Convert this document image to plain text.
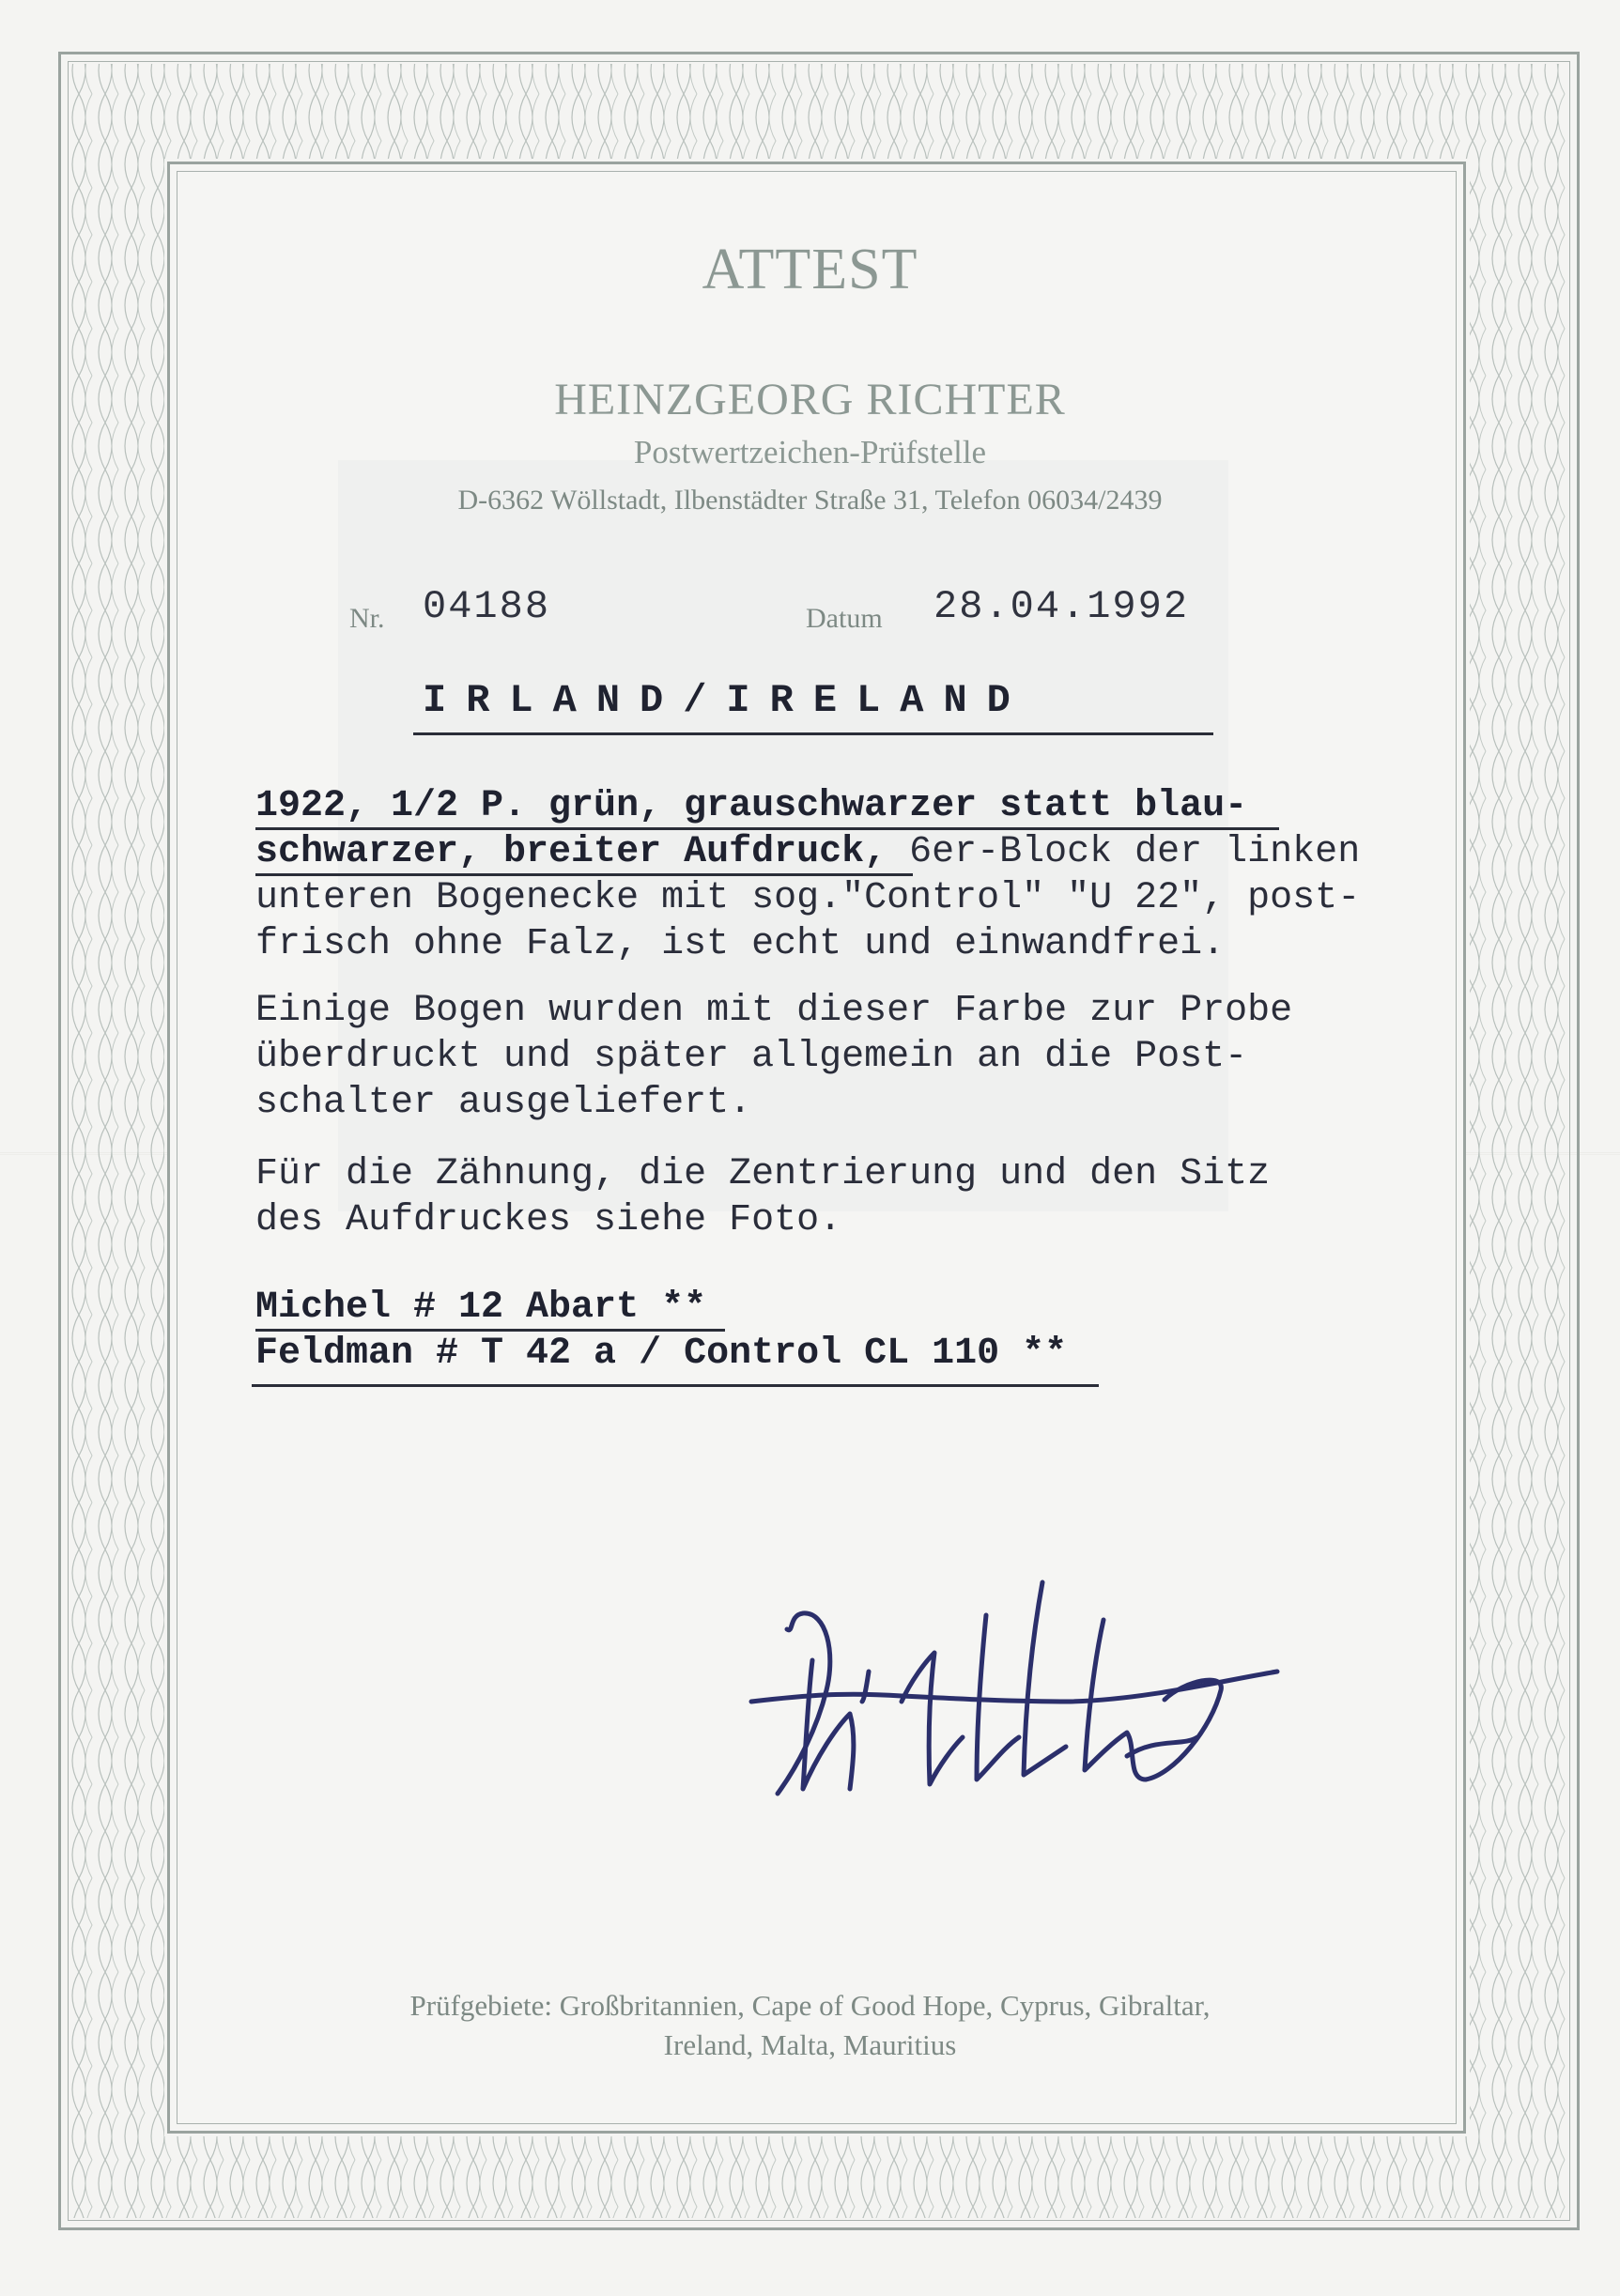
ATTEST
HEINZGEORG RICHTER
Postwertzeichen-Prüfstelle
D-6362 Wöllstadt, Ilbenstädter Straße 31, Telefon 06034/2439
Nr. 04188	Datum 28.04.1992
IRLAND/IRELAND
1922, 1/2 P. grün, grauschwarzer statt blau-
schwarzer, breiter Aufdruck, 6er-Block der linken
unteren Bogenecke mit sog."Control" "U 22", post-
frisch ohne Falz, ist echt und einwandfrei.
Einige Bogen wurden mit dieser Farbe zur Probe
überdruckt und später allgemein an die Post-
schalter ausgeliefert.
Für die Zähnung, die Zentrierung und den Sitz
des Aufdruckes siehe Foto.
Michel # 12 Abart **
Feldman # T 42 a / Control CL 110 **
Prüfgebiete: Großbritannien, Cape of Good Hope, Cyprus, Gibraltar,
Ireland, Malta, Mauritius
